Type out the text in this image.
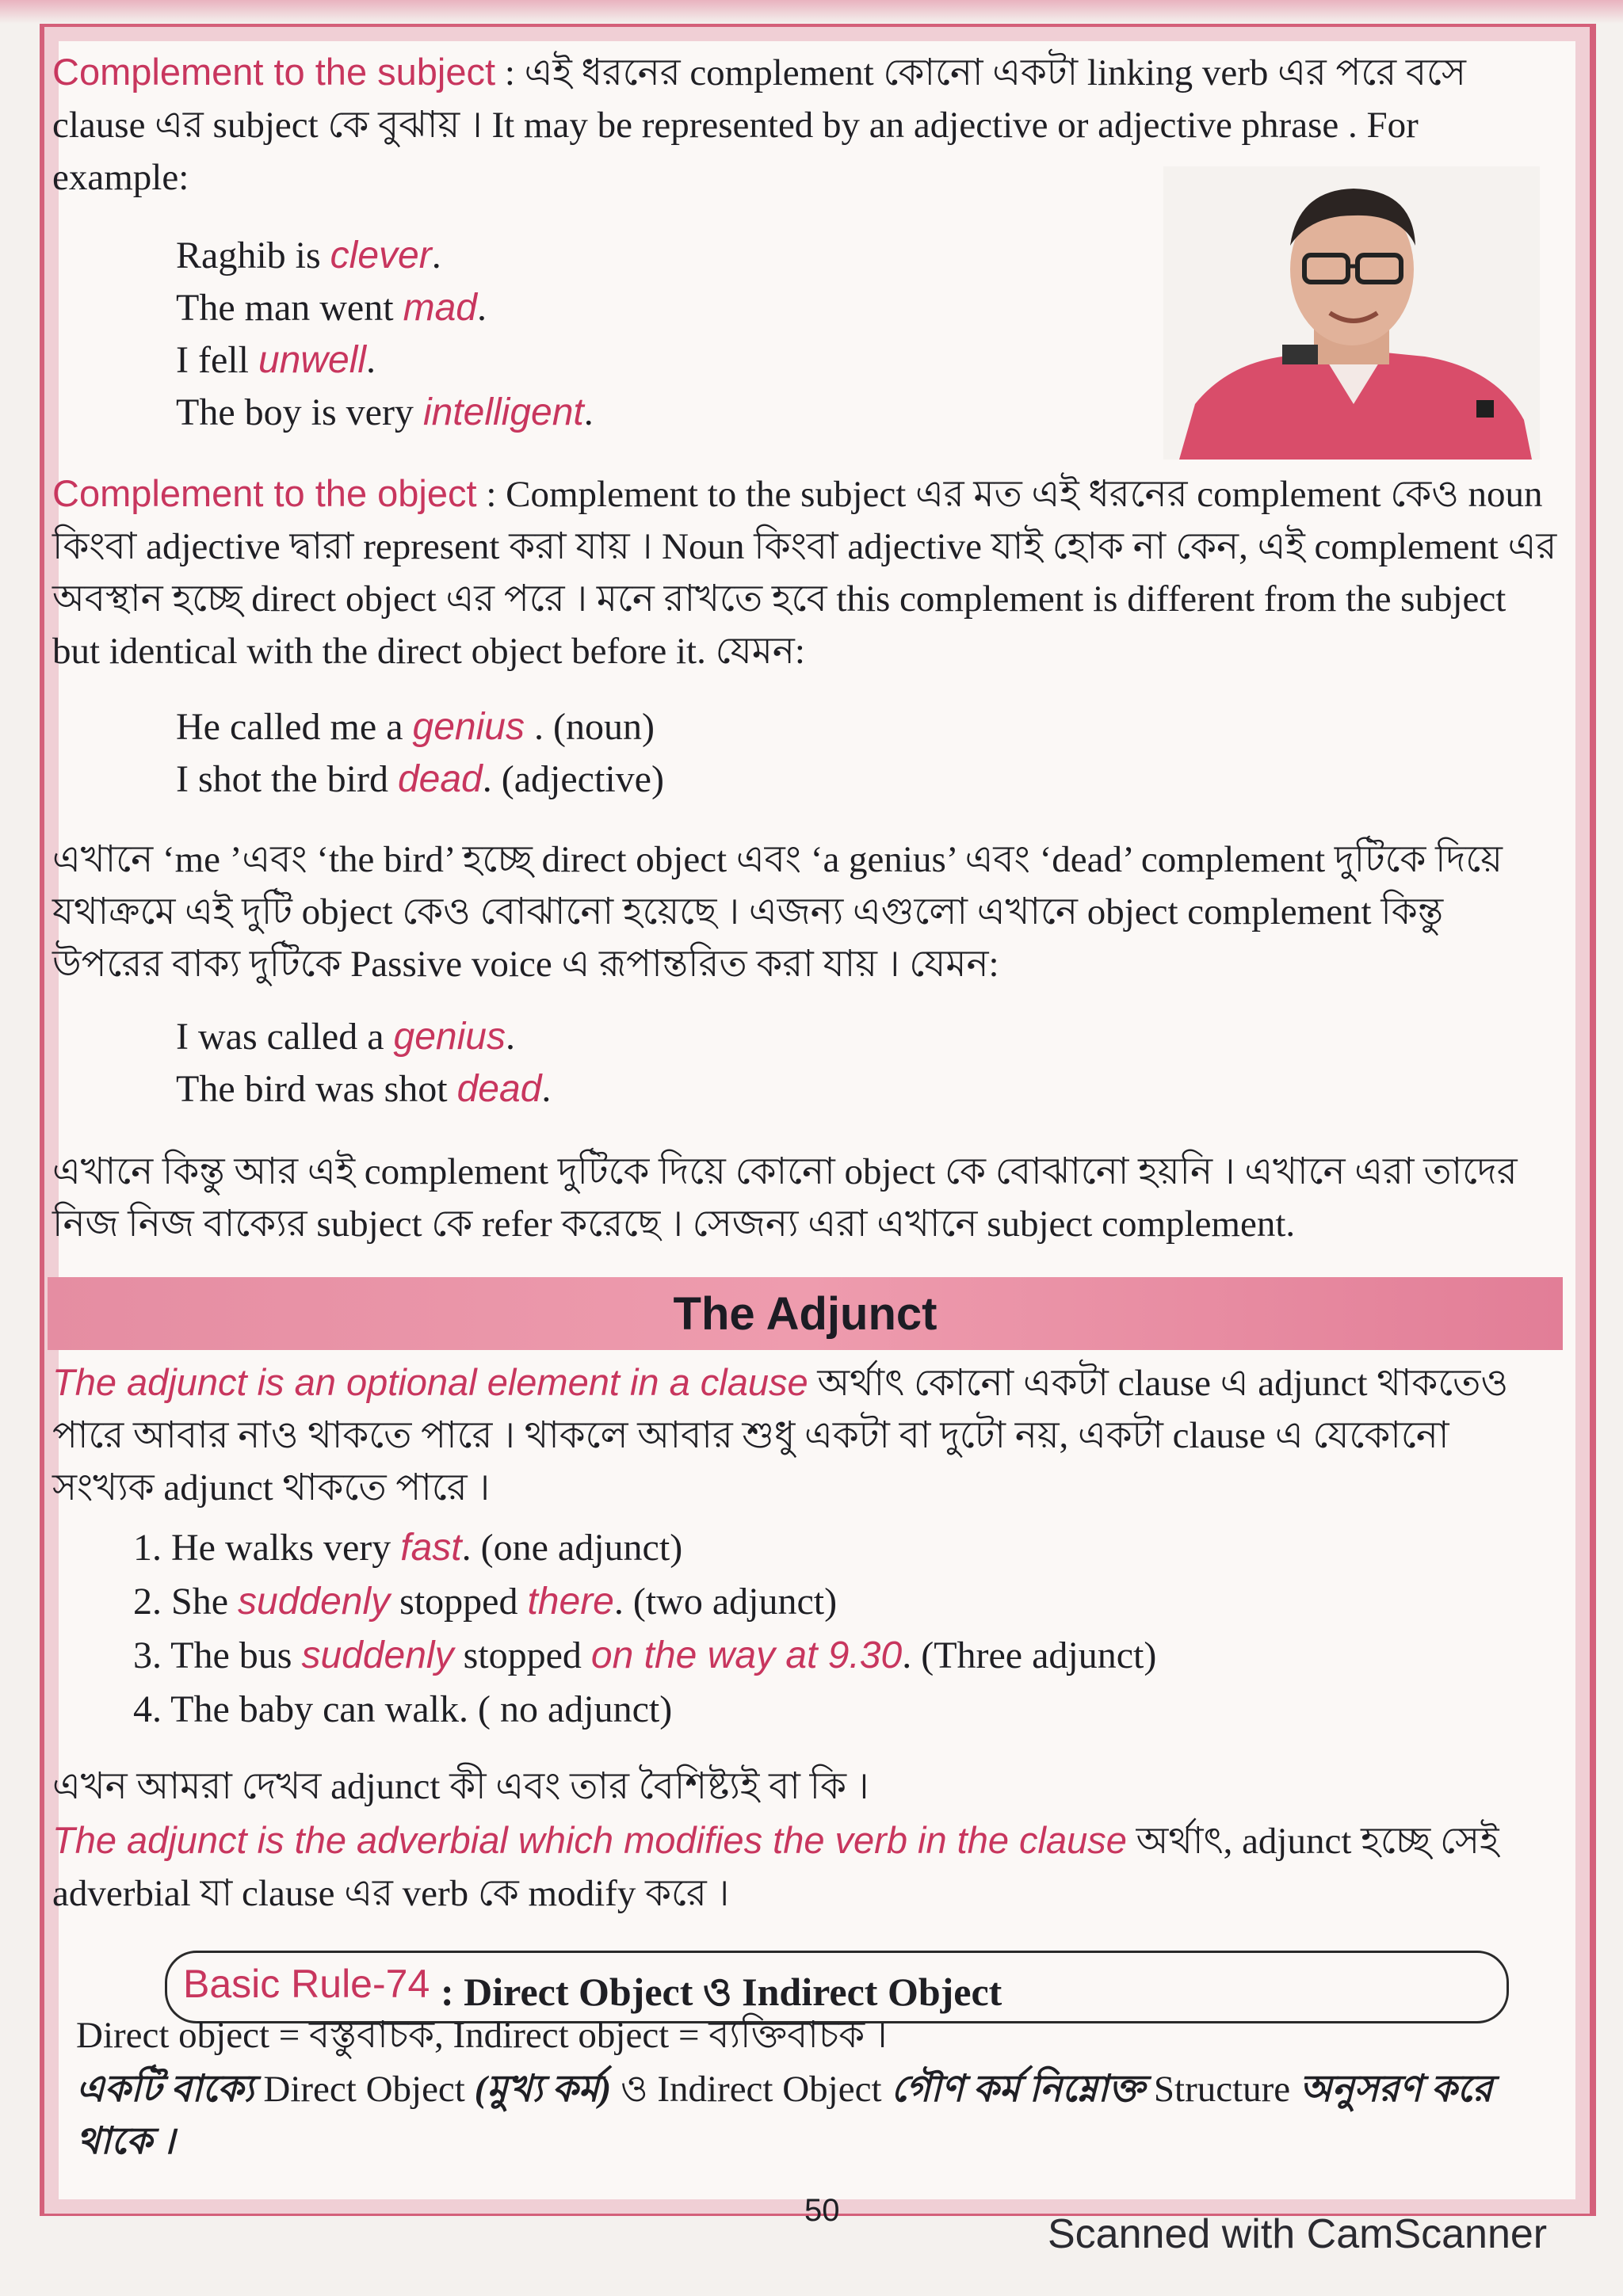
Complement to the subject : এই ধরনের complement কোনো একটা linking verb এর পরে বসে clause এর subject কে বুঝায় । It may be represented by an adjective or adjective phrase . For example:
Raghib is clever.
The man went mad.
I fell unwell.
The boy is very intelligent.
Complement to the object : Complement to the subject এর মত এই ধরনের complement কেও noun কিংবা adjective দ্বারা represent করা যায় । Noun কিংবা adjective যাই হোক না কেন, এই complement এর অবস্থান হচ্ছে direct object এর পরে । মনে রাখতে হবে this complement is different from the subject but identical with the direct object before it. যেমন:
He called me a genius . (noun)
I shot the bird dead. (adjective)
এখানে ‘me ’এবং ‘the bird’ হচ্ছে direct object এবং ‘a genius’ এবং ‘dead’ complement দুটিকে দিয়ে যথাক্রমে এই দুটি object কেও বোঝানো হয়েছে । এজন্য এগুলো এখানে object complement কিন্তু উপরের বাক্য দুটিকে Passive voice এ রূপান্তরিত করা যায় । যেমন:
I was called a genius.
The bird was shot dead.
এখানে কিন্তু আর এই complement দুটিকে দিয়ে কোনো object কে বোঝানো হয়নি । এখানে এরা তাদের নিজ নিজ বাক্যের subject কে refer করেছে । সেজন্য এরা এখানে subject complement.
The Adjunct
The adjunct is an optional element in a clause অর্থাৎ কোনো একটা clause এ adjunct থাকতেও পারে আবার নাও থাকতে পারে । থাকলে আবার শুধু একটা বা দুটো নয়, একটা clause এ যেকোনো সংখ্যক adjunct থাকতে পারে ।
1. He walks very fast. (one adjunct)
2. She suddenly stopped there. (two adjunct)
3. The bus suddenly stopped on the way at 9.30. (Three adjunct)
4. The baby can walk. ( no adjunct)
এখন আমরা দেখব adjunct কী এবং তার বৈশিষ্ট্যই বা কি ।
The adjunct is the adverbial which modifies the verb in the clause অর্থাৎ, adjunct হচ্ছে সেই adverbial যা clause এর verb কে modify করে ।
Basic Rule-74 : Direct Object ও Indirect Object
Direct object = বস্তুবাচক, Indirect object = ব্যক্তিবাচক ।
একটি বাক্যে Direct Object (মুখ্য কর্ম) ও Indirect Object গৌণ কর্ম নিম্নোক্ত Structure অনুসরণ করে থাকে ।
50
Scanned with CamScanner
